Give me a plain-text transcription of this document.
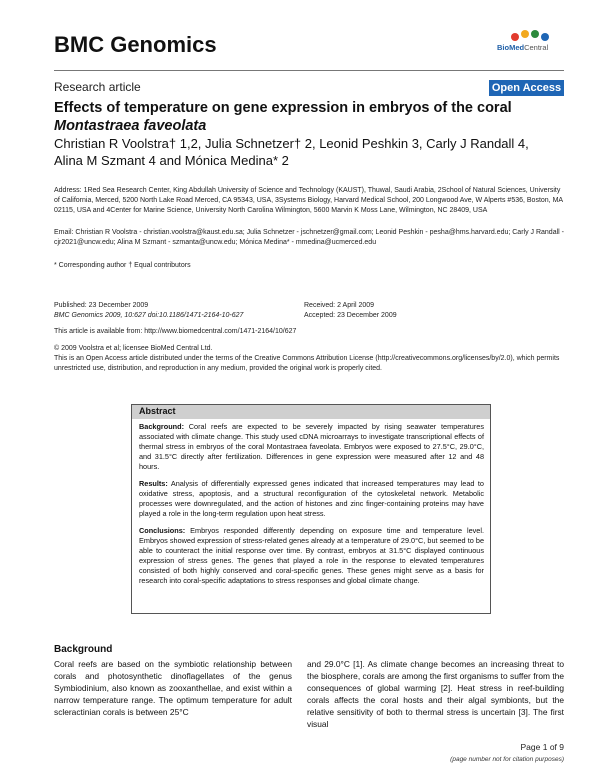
BMC Genomics	BioMedCentral
Research article	Open Access
Effects of temperature on gene expression in embryos of the coral
Montastraea faveolata
Christian R Voolstra† 1,2, Julia Schnetzer† 2, Leonid Peshkin 3, Carly J Randall 4,
Alina M Szmant 4 and Mónica Medina* 2
Address: 1Red Sea Research Center, King Abdullah University of Science and Technology (KAUST), Thuwal, Saudi Arabia, 2School of Natural Sciences, University of California, Merced, 5200 North Lake Road Merced, CA 95343, USA, 3Systems Biology, Harvard Medical School, 200 Longwood Ave, W Alperts #536, Boston, MA 02115, USA and 4Center for Marine Science, University North Carolina Wilmington, 5600 Marvin K Moss Lane, Wilmington, NC 28409, USA
Email: Christian R Voolstra - christian.voolstra@kaust.edu.sa; Julia Schnetzer - jschnetzer@gmail.com; Leonid Peshkin - pesha@hms.harvard.edu; Carly J Randall - cjr2021@uncw.edu; Alina M Szmant - szmanta@uncw.edu; Mónica Medina* - mmedina@ucmerced.edu
* Corresponding author † Equal contributors
Published: 23 December 2009
BMC Genomics 2009, 10:627 doi:10.1186/1471-2164-10-627
Received: 2 April 2009
Accepted: 23 December 2009
This article is available from: http://www.biomedcentral.com/1471-2164/10/627
© 2009 Voolstra et al; licensee BioMed Central Ltd.
This is an Open Access article distributed under the terms of the Creative Commons Attribution License (http://creativecommons.org/licenses/by/2.0), which permits unrestricted use, distribution, and reproduction in any medium, provided the original work is properly cited.
Abstract
Background: Coral reefs are expected to be severely impacted by rising seawater temperatures associated with climate change. This study used cDNA microarrays to investigate transcriptional effects of thermal stress in embryos of the coral Montastraea faveolata. Embryos were exposed to 27.5°C, 29.0°C, and 31.5°C directly after fertilization. Differences in gene expression were measured after 12 and 48 hours.
Results: Analysis of differentially expressed genes indicated that increased temperatures may lead to oxidative stress, apoptosis, and a structural reconfiguration of the cytoskeletal network. Metabolic processes were downregulated, and the action of histones and zinc finger-containing proteins may have played a role in the long-term regulation upon heat stress.
Conclusions: Embryos responded differently depending on exposure time and temperature level. Embryos showed expression of stress-related genes already at a temperature of 29.0°C, but seemed to be able to counteract the initial response over time. By contrast, embryos at 31.5°C displayed continuous expression of stress genes. The genes that played a role in the response to elevated temperatures consisted of both highly conserved and coral-specific genes. These genes might serve as a basis for research into coral-specific adaptations to stress responses and global climate change.
Background
Coral reefs are based on the symbiotic relationship between corals and photosynthetic dinoflagellates of the genus Symbiodinium, also known as zooxanthellae, and exist within a narrow temperature range. The optimum temperature for adult scleractinian corals is between 25°C
and 29.0°C [1]. As climate change becomes an increasing threat to the biosphere, corals are among the first organisms to suffer from the consequences of global warming [2]. Heat stress in reef-building corals affects the coral hosts and their algal symbionts, but the relative sensitivity of both to thermal stress is uncertain [3]. The first visual
Page 1 of 9
(page number not for citation purposes)
